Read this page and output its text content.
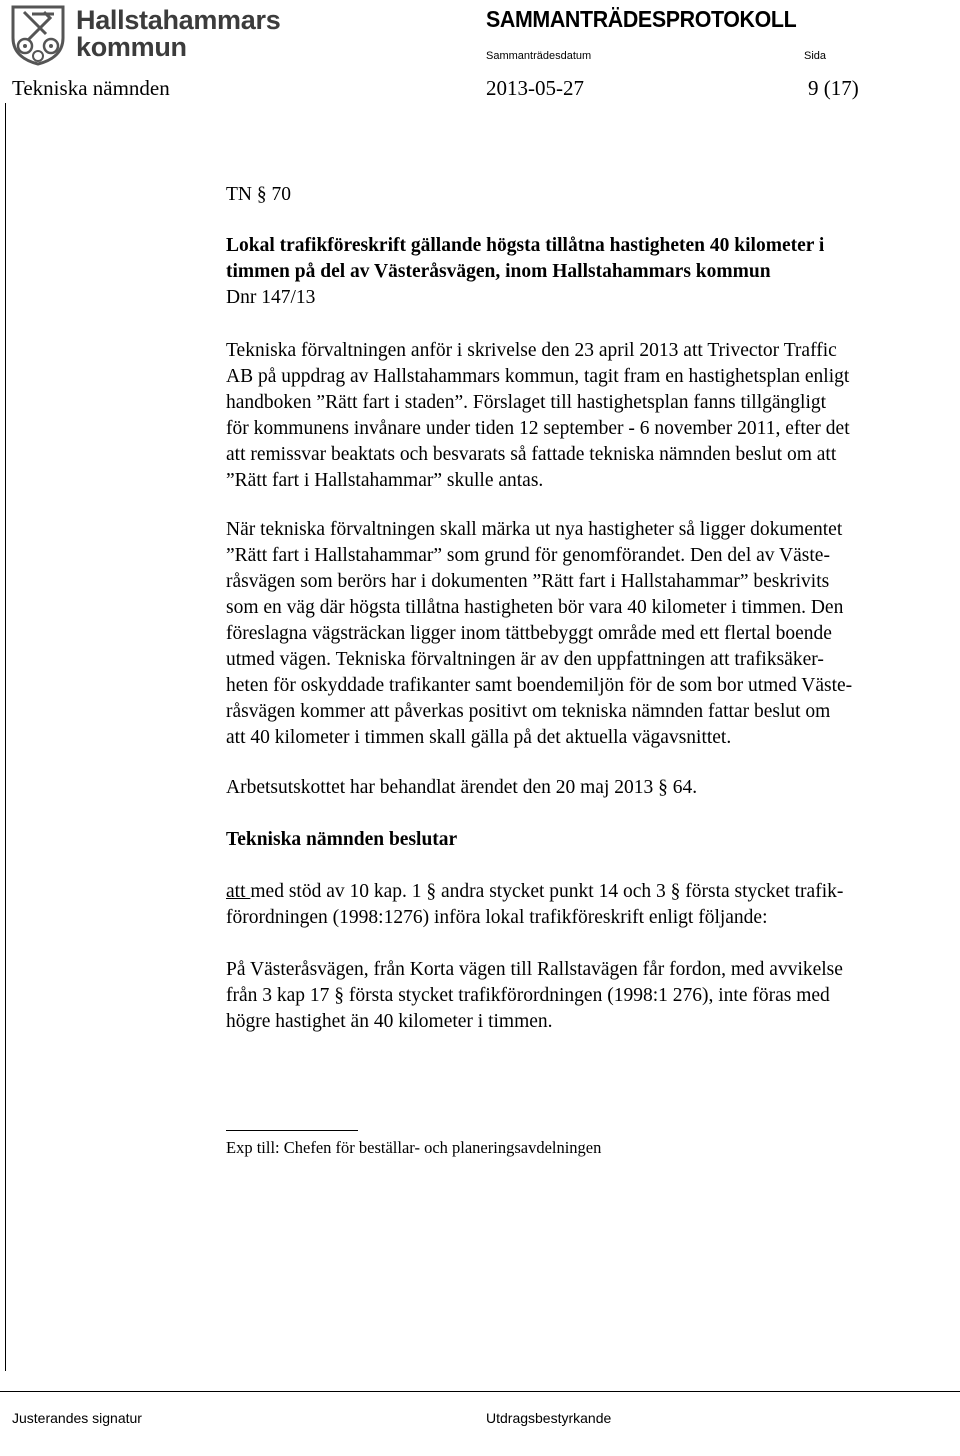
Hallstahammars
kommun
SAMMANTRÄDESPROTOKOLL
Sammanträdesdatum	Sida
Tekniska nämnden	2013-05-27	9 (17)
TN § 70
Lokal trafikföreskrift gällande högsta tillåtna hastigheten 40 kilometer i
timmen på del av Västeråsvägen, inom Hallstahammars kommun
Dnr 147/13
Tekniska förvaltningen anför i skrivelse den 23 april 2013 att Trivector Traffic
AB på uppdrag av Hallstahammars kommun, tagit fram en hastighetsplan enligt
handboken ”Rätt fart i staden”. Förslaget till hastighetsplan fanns tillgängligt
för kommunens invånare under tiden 12 september - 6 november 2011, efter det
att remissvar beaktats och besvarats så fattade tekniska nämnden beslut om att
”Rätt fart i Hallstahammar” skulle antas.
När tekniska förvaltningen skall märka ut nya hastigheter så ligger dokumentet
”Rätt fart i Hallstahammar” som grund för genomförandet. Den del av Väste-
råsvägen som berörs har i dokumenten ”Rätt fart i Hallstahammar” beskrivits
som en väg där högsta tillåtna hastigheten bör vara 40 kilometer i timmen. Den
föreslagna vägsträckan ligger inom tättbebyggt område med ett flertal boende
utmed vägen. Tekniska förvaltningen är av den uppfattningen att trafiksäker-
heten för oskyddade trafikanter samt boendemiljön för de som bor utmed Väste-
råsvägen kommer att påverkas positivt om tekniska nämnden fattar beslut om
att 40 kilometer i timmen skall gälla på det aktuella vägavsnittet.
Arbetsutskottet har behandlat ärendet den 20 maj 2013 § 64.
Tekniska nämnden beslutar
att med stöd av 10 kap. 1 § andra stycket punkt 14 och 3 § första stycket trafik-
förordningen (1998:1276) införa lokal trafikföreskrift enligt följande:
På Västeråsvägen, från Korta vägen till Rallstavägen får fordon, med avvikelse
från 3 kap 17 § första stycket trafikförordningen (1998:1 276), inte föras med
högre hastighet än 40 kilometer i timmen.
Exp till: Chefen för beställar- och planeringsavdelningen
Justerandes signatur	Utdragsbestyrkande
